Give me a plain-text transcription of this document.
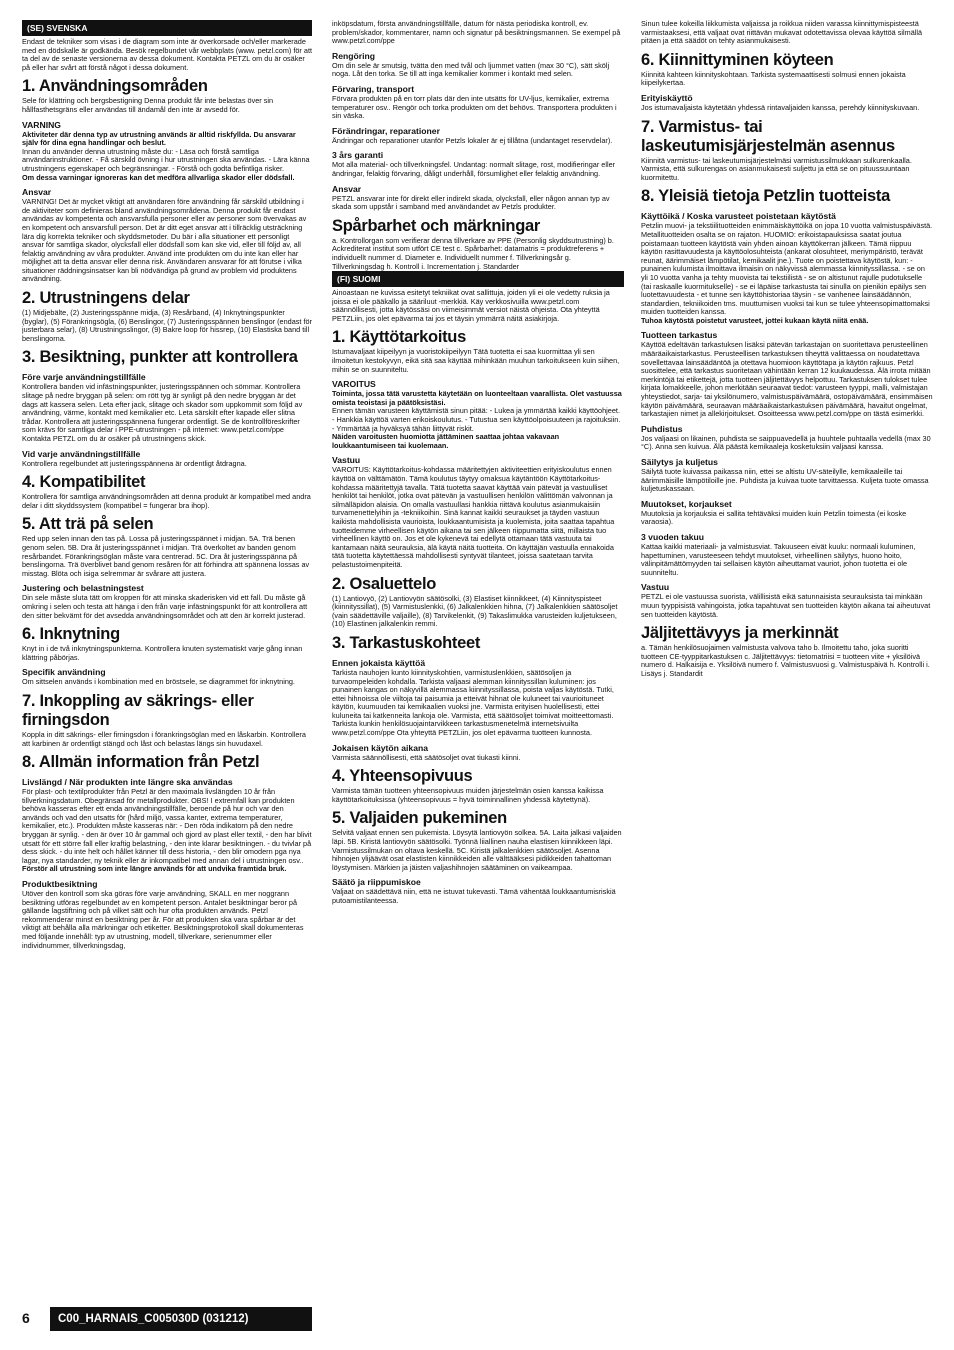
(SE) SVENSKA
Endast de tekniker som visas i de diagram som inte är överkorsade och/eller markerade med en dödskalle är godkända. Besök regelbundet vår webbplats (www. petzl.com) för att ta del av de senaste versionerna av dessa dokument. Kontakta PETZL om du är osäker på eller har svårt att förstå något i dessa dokument.
1. Användningsområden
Sele för klättring och bergsbestigning Denna produkt får inte belastas över sin hållfasthetsgräns eller användas till ändamål den inte är avsedd för.
VARNING
Aktiviteter där denna typ av utrustning används är alltid riskfyllda. Du ansvarar själv för dina egna handlingar och beslut.
Innan du använder denna utrustning måste du: - Läsa och förstå samtliga användarinstruktioner. - Få särskild övning i hur utrustningen ska användas. - Lära känna utrustningens egenskaper och begränsningar. - Förstå och godta befintliga risker.
Om dessa varningar ignoreras kan det medföra allvarliga skador eller dödsfall.
Ansvar
VARNING! Det är mycket viktigt att användaren före användning får särskild utbildning i de aktiviteter som definieras bland användningsområdena. Denna produkt får endast användas av kompetenta och ansvarsfulla personer eller av personer som övervakas av en kompetent och ansvarsfull person. Det är ditt eget ansvar att i tillräcklig utsträckning lära dig korrekta tekniker och skyddsmetoder. Du bär i alla situationer ett personligt ansvar för samtliga skador, olycksfall eller dödsfall som kan ske vid, eller till följd av, all felaktig användning av våra produkter. Använd inte produkten om du inte kan eller har möjlighet att ta detta ansvar eller denna risk. Användaren ansvarar för att förutse i vilka situationer räddningsinsatser kan bli nödvändiga på grund av problem vid produktens användning.
2. Utrustningens delar
(1) Midjebälte, (2) Justeringsspänne midja, (3) Resårband, (4) Inknytningspunkter (byglar), (5) Förankringsögla, (6) Benslingor, (7) Justeringsspännen benslingor (endast för justerbara selar), (8) Utrustningsslingor, (9) Bakre loop för hissrep, (10) Elastiska band till benslingorna.
3. Besiktning, punkter att kontrollera
Före varje användningstillfälle
Kontrollera banden vid infästningspunkter, justeringsspännen och sömmar. Kontrollera slitage på nedre bryggan på selen: om rött tyg är synligt på den nedre bryggan är det dags att kassera selen. Leta efter jack, slitage och skador som uppkommit som följd av användning, värme, kontakt med kemikalier etc. Leta särskilt efter kapade eller slitna trådar. Kontrollera att justeringsspännena fungerar ordentligt. Se de kontrollföreskrifter som krävs för samtliga delar i PPE-utrustningen - på internet: www.petzl.com/ppe Kontakta PETZL om du är osäker på utrustningens skick.
Vid varje användningstillfälle
Kontrollera regelbundet att justeringsspännena är ordentligt åtdragna.
4. Kompatibilitet
Kontrollera för samtliga användningsområden att denna produkt är kompatibel med andra delar i ditt skyddssystem (kompatibel = fungerar bra ihop).
5. Att trä på selen
Red upp selen innan den tas på. Lossa på justeringsspännet i midjan. 5A. Trä benen genom selen. 5B. Dra åt justeringsspännet i midjan. Trä överkoltet av banden genom resårbandet. Förankringsöglan måste vara centrerad. 5C. Dra åt justeringsspänna på benslingorna. Trä överblivet band genom resåren för att förhindra att spännena lossas av misstag. Blöta och isiga selremmar är svårare att justera.
Justering och belastningstest
Din sele måste sluta tätt om kroppen för att minska skaderisken vid ett fall. Du måste gå omkring i selen och testa att hänga i den från varje infästningspunkt för att kontrollera att den sitter bekvämt för det avsedda användningsområdet och att den är korrekt justerad.
6. Inknytning
Knyt in i de två inknytningspunkterna. Kontrollera knuten systematiskt varje gång innan klättring påbörjas.
Specifik användning
Om sittselen används i kombination med en bröstsele, se diagrammet för inknytning.
7. Inkoppling av säkrings- eller firningsdon
Koppla in ditt säkrings- eller firningsdon i förankringsöglan med en låskarbin. Kontrollera att karbinen är ordentligt stängd och låst och belastas längs sin huvudaxel.
8. Allmän information från Petzl
Livslängd / När produkten inte längre ska användas
För plast- och textilprodukter från Petzl är den maximala livslängden 10 år från tillverkningsdatum. Obegränsad för metallprodukter. OBS! I extremfall kan produkten behöva kasseras efter ett enda användningstillfälle, beroende på hur och var den används och vad den utsatts för (hård miljö, vassa kanter, extrema temperaturer, kemikalier, etc.). Produkten måste kasseras när: - Den röda indikatorn på den nedre bryggan är synlig. - den är över 10 år gammal och gjord av plast eller textil, - den har blivit utsatt för ett större fall eller kraftig belastning, - den inte klarar besiktningen. - du tvivlar på dess skick. - du inte helt och hållet känner till dess historia, - den blir omodern pga nya lagar, nya standarder, ny teknik eller är inkompatibel med annan del i utrustningen osv..
Förstör all utrustning som inte längre används för att undvika framtida bruk.
Produktbesiktning
Utöver den kontroll som ska göras före varje användning, SKALL en mer noggrann besiktning utföras regelbundet av en kompetent person. Antalet besiktningar beror på gällande lagstiftning och på vilket sätt och hur ofta produkten används. Petzl rekommenderar minst en besiktning per år. För att produkten ska vara spårbar är det viktigt att behålla alla märkningar och etiketter. Besiktningsprotokoll skall dokumenteras med följande innehåll: typ av utrustning, modell, tillverkare, serienummer eller individnummer, tillverkningsdag,
inköpsdatum, första användningstillfälle, datum för nästa periodiska kontroll, ev. problem/skador, kommentarer, namn och signatur på besiktningsmannen. Se exempel på www.petzl.com/ppe
Rengöring
Om din sele är smutsig, tvätta den med tvål och ljummet vatten (max 30 °C), sätt skölj noga. Låt den torka. Se till att inga kemikalier kommer i kontakt med selen.
Förvaring, transport
Förvara produkten på en torr plats där den inte utsätts för UV-ljus, kemikalier, extrema temperaturer osv.. Rengör och torka produkten om det behövs. Transportera produkten i sin väska.
Förändringar, reparationer
Ändringar och reparationer utanför Petzls lokaler är ej tillåtna (undantaget reservdelar).
3 års garanti
Mot alla material- och tillverkningsfel. Undantag: normalt slitage, rost, modifieringar eller ändringar, felaktig förvaring, dåligt underhåll, försumlighet eller felaktig användning.
Ansvar
PETZL ansvarar inte för direkt eller indirekt skada, olycksfall, eller någon annan typ av skada som uppstår i samband med användandet av Petzls produkter.
Spårbarhet och märkningar
a. Kontrollorgan som verifierar denna tillverkare av PPE (Personlig skyddsutrustning) b. Ackrediterat institut som utfört CE test c. Spårbarhet: datamatris = produktreferens + individuellt nummer d. Diameter e. Individuellt nummer f. Tillverkningsår g. Tillverkningsdag h. Kontroll i. Incrementation j. Standarder
(FI) SUOMI
Ainoastaan ne kuvissa esitetyt tekniikat ovat sallittuja, joiden yli ei ole vedetty ruksia ja joissa ei ole pääkallo ja sääriluut -merkkiä. Käy verkkosivuilla www.petzl.com säännöllisesti, jotta käytössäsi on viimeisimmät versiot näistä ohjeista. Ota yhteyttä PETZLiin, jos olet epävarma tai jos et täysin ymmärrä näitä asiakirjoja.
1. Käyttötarkoitus
Istumavaljaat kiipeilyyn ja vuoristokiipeilyyn Tätä tuotetta ei saa kuormittaa yli sen ilmoitetun kestokyvyn, eikä sitä saa käyttää mihinkään muuhun tarkoitukseen kuin siihen, mihin se on suunniteltu.
VAROITUS
Toiminta, jossa tätä varustetta käytetään on luonteeltaan vaarallista. Olet vastuussa omista teoistasi ja päätöksistäsi.
Ennen tämän varusteen käyttämistä sinun pitää: - Lukea ja ymmärtää kaikki käyttöohjeet. - Hankkia käyttöä varten erikoiskoulutus. - Tutustua sen käyttöolpoisuuteen ja rajoituksiin. - Ymmärtää ja hyväksyä tähän liittyvät riskit.
Näiden varoitusten huomiotta jättäminen saattaa johtaa vakavaan loukkaantumiseen tai kuolemaan.
Vastuu
VAROITUS: Käyttötarkoitus-kohdassa määritettyjen aktiviteettien erityiskoulutus ennen käyttöä on välttämätön. Tämä koulutus täytyy omaksua käytäntöön Käyttötarkoitus-kohdassa määritettyjä tavalla. Tätä tuotetta saavat käyttää vain pätevät ja vastuulliset henkilöt tai henkilöt, jotka ovat pätevän ja vastuullisen henkilön välittömän valvonnan ja silmälläpidon alaisia. On omalla vastuullasi hankkia riittävä koulutus asianmukaisiin turvamenettelyihin ja -tekniikoihin. Sinä kannat kaikki seuraukset ja täyden vastuun kaikista mahdollisista vaurioista, loukkaantumisista ja kuolemista, joita saattaa tapahtua tuotteidemme virheellisen käytön aikana tai sen jälkeen riippumatta siitä, millaista tuo virheellinen käyttö on. Jos et ole kykenevä tai edellytä ottamaan tätä vastuuta tai kantamaan näitä seurauksia, älä käytä näitä tuotteita. On käyttäjän vastuulla ennakoida tätä tuotetta käytettäessä mahdollisesti syntyvät tilanteet, joissa saatetaan tarvita pelastustoimenpiteitä.
2. Osaluettelo
(1) Lantiovyö, (2) Lantiovyön säätösolki, (3) Elastiset kiinnikkeet, (4) Kiinnityspisteet (kiinnityssillat), (5) Varmistuslenkki, (6) Jalkalenkkien hihna, (7) Jalkalenkkien säätösoljet (vain säädettäville valjaille), (8) Tarvikelenkit, (9) Takaslimukka varusteiden kuljetukseen, (10) Elastinen jalkalenkin remmi.
3. Tarkastuskohteet
Ennen jokaista käyttöä
Tarkista nauhojen kunto kiinnityskohtien, varmistuslenkkien, säätösoljen ja turvaompeleiden kohdalla. Tarkista valjaasi alemman kiinnityssillan kuluminen: jos punainen kangas on näkyvillä alemmassa kiinnityssillassa, poista valjas käytöstä. Tutki, ettei hihnoissa ole viiltoja tai paisumia ja etteivät hihnat ole kuluneet tai vaurioituneet käytön, kuumuuden tai kemikaalien vuoksi jne. Varmista erityisen huolellisesti, ettei kuluneita tai katkenneita lankoja ole. Varmista, että säätösoljet toimivat moitteettomasti. Tarkista kunkin henkilösuojaintarvikkeen tarkastusmenetelmä internetsivuilta www.petzl.com/ppe Ota yhteyttä PETZLiin, jos olet epävarma tuotteen kunnosta.
Jokaisen käytön aikana
Varmista säännöllisesti, että säätösoljet ovat tiukasti kiinni.
4. Yhteensopivuus
Varmista tämän tuotteen yhteensopivuus muiden järjestelmän osien kanssa kaikissa käyttötarkoituksissa (yhteensopivuus = hyvä toiminnallinen yhdessä käytettynä).
5. Valjaiden pukeminen
Selvitä valjaat ennen sen pukemista. Löysytä lantiovyön solkea. 5A. Laita jalkasi valjaiden läpi. 5B. Kiristä lantiovyön säätösolki. Työnnä liiallinen nauha elastisen kiinnikkeen läpi. Varmistussilmukan on oltava keskellä. 5C. Kiristä jalkalenkkien säätösoljet. Asenna hihnojen ylijäävät osat elastisten kiinnikkeiden alle välttääksesi pidikkeiden tahattoman löystymisen. Märkien ja jäisten valjashihnojen säätäminen on vaikeampaa.
Säätö ja riippumiskoe
Valjaat on säädettävä niin, että ne istuvat tukevasti. Tämä vähentää loukkaantumisriskiä putoamistilanteessa.
Sinun tulee kokeilla liikkumista valjaissa ja roikkua niiden varassa kiinnittymispisteestä varmistaaksesi, että valjaat ovat riittävän mukavat odotettavissa olevaa käyttöä silmällä pitäen ja että säädöt on tehty asianmukaisesti.
6. Kiinnittyminen köyteen
Kiinnitä kahteen kiinnityskohtaan. Tarkista systemaattisesti solmusi ennen jokaista kiipeilykertaa.
Erityiskäyttö
Jos istumavaljaista käytetään yhdessä rintavaljaiden kanssa, perehdy kiinnityskuvaan.
7. Varmistus- tai laskeutumisjärjestelmän asennus
Kiinnitä varmistus- tai laskeutumisjärjestelmäsi varmistussilmukkaan sulkurenkaalla. Varmista, että sulkurengas on asianmukaisesti suljettu ja että se on pituussuuntaan kuormitettu.
8. Yleisiä tietoja Petzlin tuotteista
Käyttöikä / Koska varusteet poistetaan käytöstä
Petzlin muovi- ja tekstiilituotteiden enimmäiskäyttöikä on jopa 10 vuotta valmistuspäivästä. Metallituotteiden osalta se on rajaton. HUOMIO: erikoistapauksissa saatat joutua poistamaan tuotteen käytöstä vain yhden ainoan käyttökerran jälkeen. Tämä riippuu käytön rasittavuudesta ja käyttöolosuhteista (ankarat olosuhteet, meriympäristö, terävät reunat, äärimmäiset lämpötilat, kemikaalit jne.). Tuote on poistettava käytöstä, kun: - punainen kulumista ilmoittava ilmaisin on näkyvissä alemmassa kiinnityssillassa. - se on yli 10 vuotta vanha ja tehty muovista tai tekstiilistä - se on altistunut rajulle pudotukselle (tai raskaalle kuormitukselle) - se ei läpäise tarkastusta tai sinulla on pienikin epäilys sen luotettavuudesta - et tunne sen käyttöhistoriaa täysin - se vanhenee lainsäädännön, standardien, tekniikoiden tms. muuttumisen vuoksi tai kun se tulee yhteensopimattomaksi muiden tuotteiden kanssa.
Tuhoa käytöstä poistetut varusteet, jottei kukaan käytä niitä enää.
Tuotteen tarkastus
Käyttöä edeltävän tarkastuksen lisäksi pätevän tarkastajan on suoritettava perusteellinen määräaikaistarkastus. Perusteellisen tarkastuksen tiheyttä valittaessa on noudatettava sovellettavaa lainsäädäntöä ja otettava huomioon käyttötapa ja käytön rajkuus. Petzl suosittelee, että tarkastus suoritetaan vähintään kerran 12 kuukaudessa. Älä irrota mitään merkintöjä tai etikettejä, jotta tuotteen jäljitettävyys helpottuu. Tarkastuksen tulokset tulee kirjata lomakkeelle, johon merkitään seuraavat tiedot: varusteen tyyppi, malli, valmistajan yhteystiedot, sarja- tai yksilönumero, valmistuspäivämäärä, ostopäivämäärä, ensimmäisen käytön päivämäärä, seuraavan määräaikaistarkastuksen päivämäärä, havaitut ongelmat, tarkastajien nimet ja allekirjoitukset. Osoitteessa www.petzl.com/ppe on tästä esimerkki.
Puhdistus
Jos valjaasi on likainen, puhdista se saippuavedellä ja huuhtele puhtaalla vedellä (max 30 °C). Anna sen kuivua. Älä päästä kemikaaleja kosketuksiin valjaasi kanssa.
Säilytys ja kuljetus
Säilytä tuote kuivassa paikassa niin, ettei se altistu UV-säteilylle, kemikaaleille tai äärimmäisille lämpötiloille jne. Puhdista ja kuivaa tuote tarvittaessa. Kuljeta tuote omassa kuljetuskassaan.
Muutokset, korjaukset
Muutoksia ja korjauksia ei sallita tehtäväksi muiden kuin Petzlin toimesta (ei koske varaosia).
3 vuoden takuu
Kattaa kaikki materiaali- ja valmistusviat. Takuuseen eivät kuulu: normaali kuluminen, hapettuminen, varusteeseen tehdyt muutokset, virheellinen säilytys, huono hoito, välinpitämättömyyden tai sellaisen käytön aiheuttamat vauriot, johon tuotetta ei ole suunniteltu.
Vastuu
PETZL ei ole vastuussa suorista, välillisistä eikä satunnaisista seurauksista tai minkään muun tyyppisistä vahingoista, jotka tapahtuvat sen tuotteiden käytön aikana tai aiheutuvat sen tuotteiden käytöstä.
Jäljitettävyys ja merkinnät
a. Tämän henkilösuojaimen valmistusta valvova taho b. Ilmoitettu taho, joka suoritti tuotteen CE-tyyppitarkastuksen c. Jäljitettävyys: tietomatriisi = tuotteen viite + yksilöivä numero d. Halkaisija e. Yksilöivä numero f. Valmistusvuosi g. Valmistuspäivä h. Kontrolli i. Lisäys j. Standardit
6	C00_HARNAIS_C005030D (031212)
